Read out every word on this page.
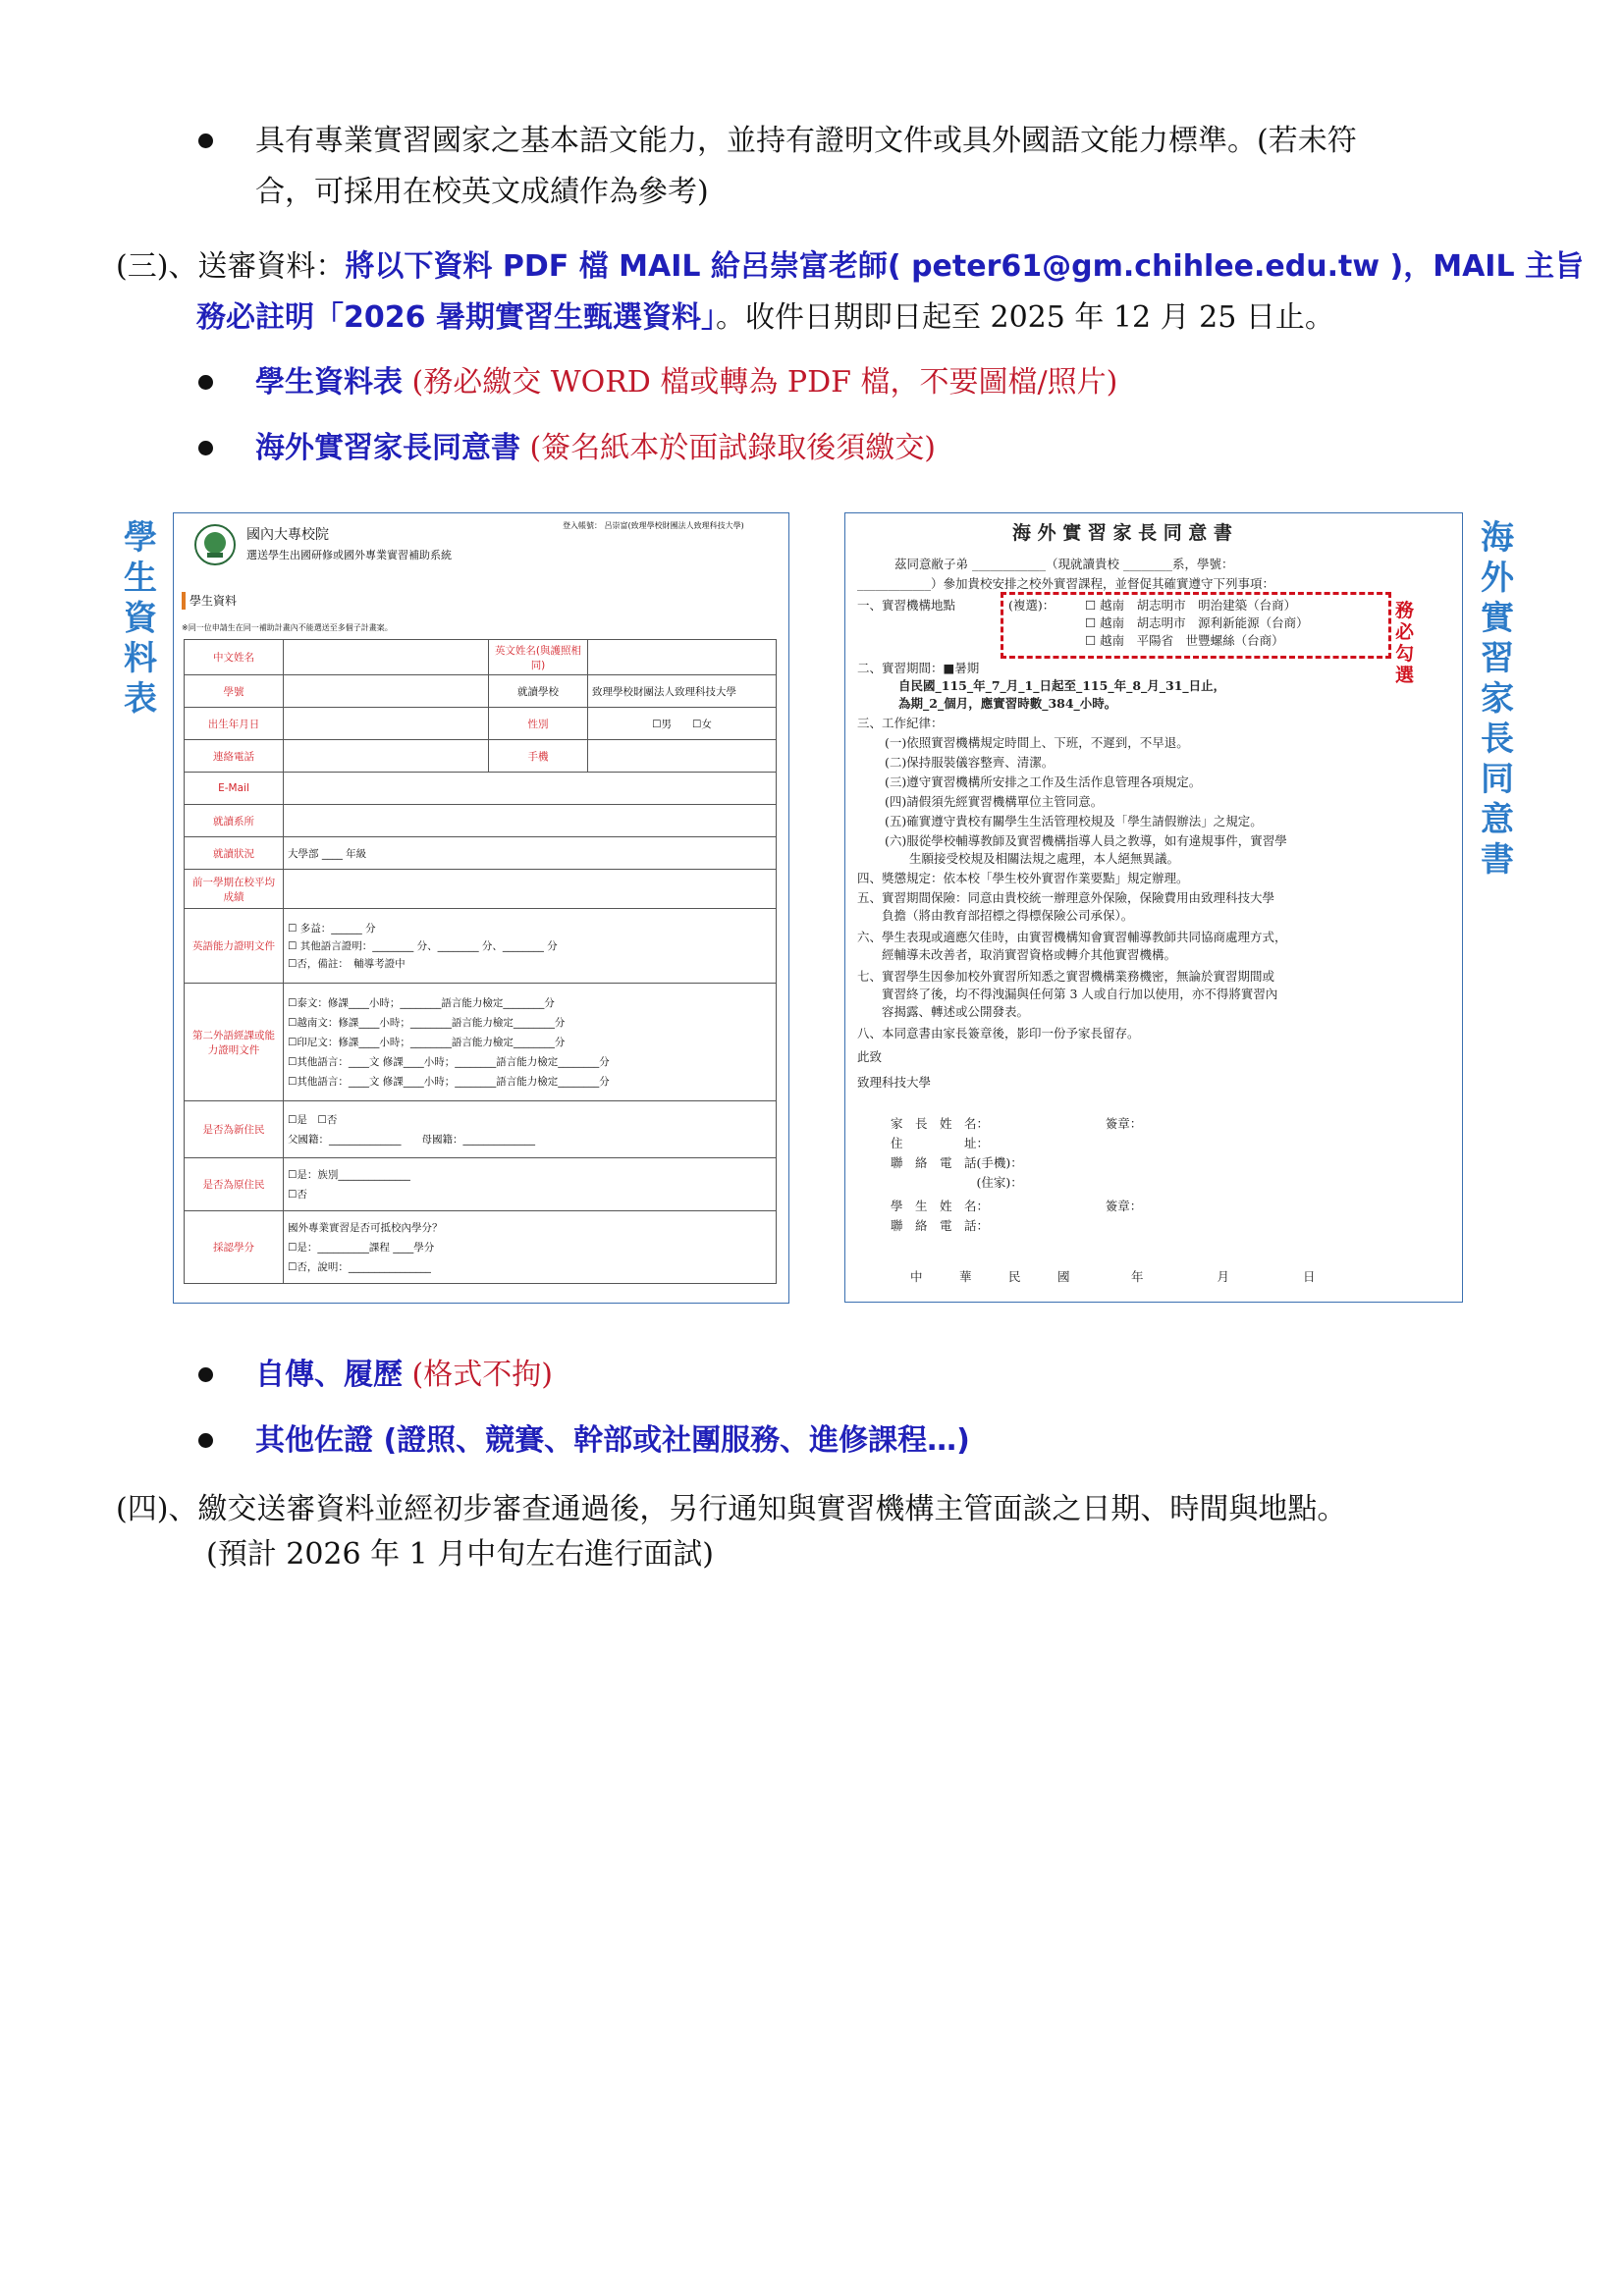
具有專業實習國家之基本語文能力，並持有證明文件或具外國語文能力標準。(若未符
合，可採用在校英文成績作為參考)
(三)、送審資料：將以下資料 PDF 檔 MAIL 給呂崇富老師( peter61@gm.chihlee.edu.tw )，MAIL 主旨
務必註明「2026 暑期實習生甄選資料」。收件日期即日起至 2025 年 12 月 25 日止。
學生資料表 (務必繳交 WORD 檔或轉為 PDF 檔，不要圖檔/照片)
海外實習家長同意書 (簽名紙本於面試錄取後須繳交)
學
生
資
料
表
海
外
實
習
家
長
同
意
書
國內大專校院
選送學生出國研修或國外專業實習補助系統
登入帳號： 呂崇富(致理學校財團法人致理科技大學)
學生資料
※同一位申請生在同一補助計畫內不能選送至多個子計畫案。
中文姓名		英文姓名(與護照相同)	
學號		就讀學校	致理學校財團法人致理科技大學
出生年月日		性別	☐男　　☐女
連絡電話		手機	
E-Mail			
就讀系所			
就讀狀況	大學部 ____ 年級		
前一學期在校平均成績			
英語能力證明文件	☐ 多益：______ 分
☐ 其他語言證明：________ 分、________ 分、________ 分
☐否，備註：　輔導考證中		
第二外語經課或能力證明文件	☐泰文：修課____小時；________語言能力檢定________分
☐越南文：修課____小時；________語言能力檢定________分
☐印尼文：修課____小時；________語言能力檢定________分
☐其他語言：____文 修課____小時；________語言能力檢定________分
☐其他語言：____文 修課____小時；________語言能力檢定________分		
是否為新住民	☐是　☐否
父國籍：______________　　母國籍：______________		
是否為原住民	☐是：族別______________
☐否		
採認學分	國外專業實習是否可抵校內學分？
☐是：__________課程 ____學分
☐否，說明：________________		
海 外 實 習 家 長 同 意 書
茲同意敝子弟 ____________（現就讀貴校 ________系，學號：
____________）參加貴校安排之校外實習課程，並督促其確實遵守下列事項：
一、實習機構地點	(複選)： ☐ 越南　胡志明市　明治建築（台商）
☐ 越南　胡志明市　源利新能源（台商）
☐ 越南　平陽省　世豐螺絲（台商）
務必勾選
二、實習期間：■暑期
自民國_115_年_7_月_1_日起至_115_年_8_月_31_日止，
為期_2_個月，應實習時數_384_小時。
三、工作紀律：
(一)依照實習機構規定時間上、下班，不遲到，不早退。
(二)保持服裝儀容整齊、清潔。
(三)遵守實習機構所安排之工作及生活作息管理各項規定。
(四)請假須先經實習機構單位主管同意。
(五)確實遵守貴校有關學生生活管理校規及「學生請假辦法」之規定。
(六)服從學校輔導教師及實習機構指導人員之教導，如有違規事件，實習學
　　生願接受校規及相關法規之處理，本人絕無異議。
四、獎懲規定：依本校「學生校外實習作業要點」規定辦理。
五、實習期間保險：同意由貴校統一辦理意外保險，保險費用由致理科技大學
　　負擔（將由教育部招標之得標保險公司承保）。
六、學生表現或適應欠佳時，由實習機構知會實習輔導教師共同協商處理方式，
　　經輔導未改善者，取消實習資格或轉介其他實習機構。
七、實習學生因參加校外實習所知悉之實習機構業務機密，無論於實習期間或
　　實習終了後，均不得洩漏與任何第 3 人或自行加以使用，亦不得將實習內
　　容揭露、轉述或公開發表。
八、本同意書由家長簽章後，影印一份予家長留存。
此致
致理科技大學
家　長　姓　名：　　　　　　　　　　簽章：
住　　　　　址：
聯　絡　電　話(手機)：
　　　　　　　(住家)：
學　生　姓　名：　　　　　　　　　　簽章：
聯　絡　電　話：
中　　　華　　　民　　　國　　　　　年　　　　　　月　　　　　　日
自傳、履歷 (格式不拘)
其他佐證 (證照、競賽、幹部或社團服務、進修課程…)
(四)、繳交送審資料並經初步審查通過後，另行通知與實習機構主管面談之日期、時間與地點。
(預計 2026 年 1 月中旬左右進行面試)
